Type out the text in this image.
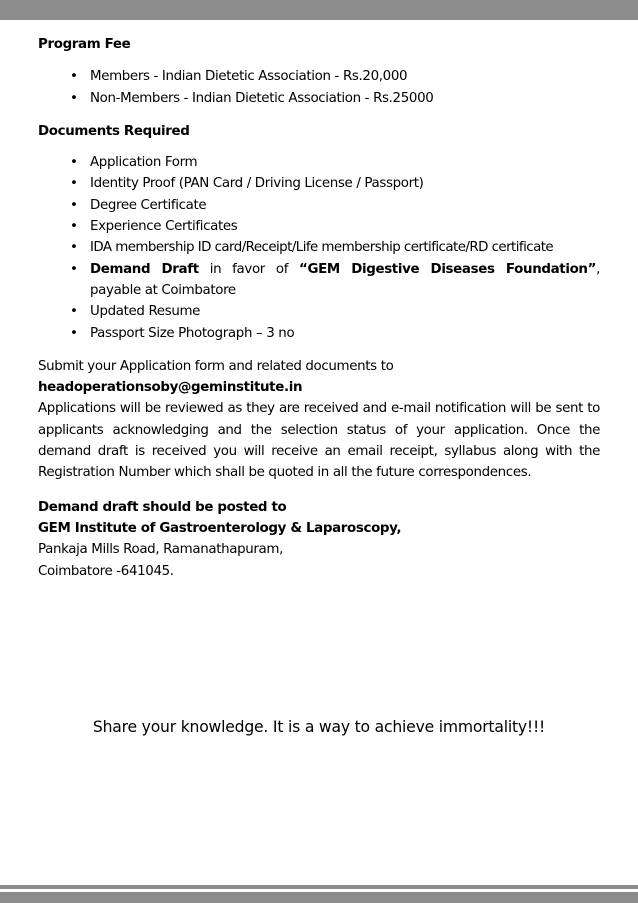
Program Fee

• Members - Indian Dietetic Association - Rs.20,000
• Non-Members - Indian Dietetic Association - Rs.25000

Documents Required

• Application Form
• Identity Proof (PAN Card / Driving License / Passport)
• Degree Certificate
• Experience Certificates
• IDA membership ID card/Receipt/Life membership certificate/RD certificate
• Demand Draft in favor of “GEM Digestive Diseases Foundation”,
payable at Coimbatore
• Updated Resume
• Passport Size Photograph – 3 no

Submit your Application form and related documents to

headoperationsoby@geminstitute.in

Applications will be reviewed as they are received and e-mail notification will be sent to applicants acknowledging and the selection status of your application. Once the demand draft is received you will receive an email receipt, syllabus along with the Registration Number which shall be quoted in all the future correspondences.

Demand draft should be posted to

GEM Institute of Gastroenterology & Laparoscopy,

Pankaja Mills Road, Ramanathapuram,

Coimbatore -641045.

Share your knowledge. It is a way to achieve immortality!!!
